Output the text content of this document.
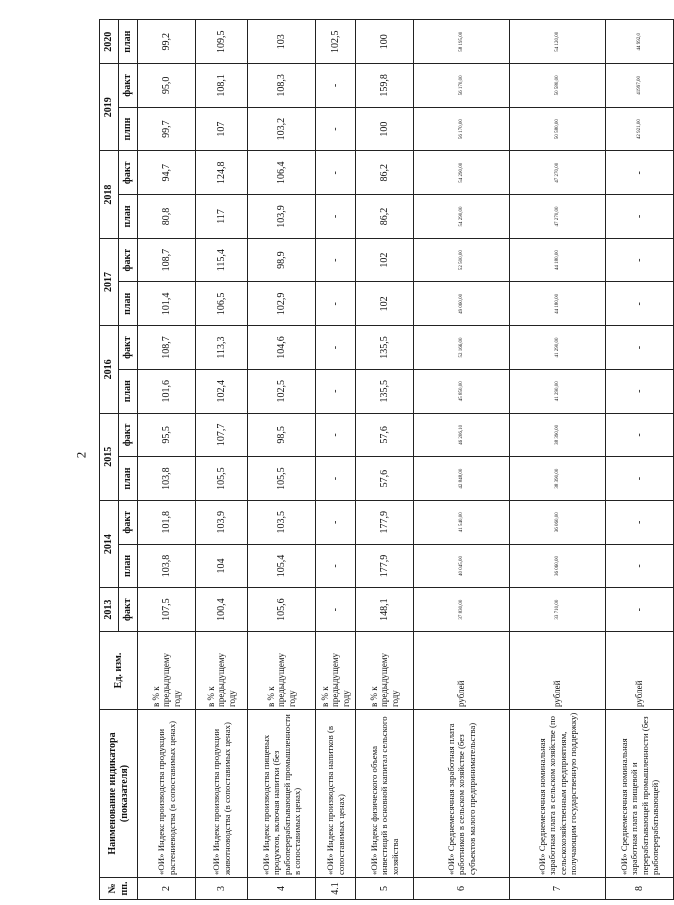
2
№ пп.	Наименование индикатора (показателя)	Ед. изм.	2013	2014		2015		2016		2017		2018		2019		2020
			факт	план	факт	план	факт	план	факт	план	факт	план	факт	плпн	факт	план
2	«ОИ» Индекс производства продукции растениеводства (в сопоставимых ценах)	в % к предыдущему году	107,5	103,8	101,8	103,8	95,5	101,6	108,7	101,4	108,7	80,8	94,7	99,7	95,0	99,2
3	«ОИ» Индекс производства продукции животноводства (в сопоставимых ценах)	в % к предыдущему году	100,4	104	103,9	105,5	107,7	102,4	113,3	106,5	115,4	117	124,8	107	108,1	109,5
4	«ОИ» Индекс производства пищевых продуктов, включая напитки (без рыбоперерабатывающей промышленности в сопоставимых ценах)	в % к предыдущему году	105,6	105,4	103,5	105,5	98,5	102,5	104,6	102,9	98,9	103,9	106,4	103,2	108,3	103
4.1	«ОИ» Индекс производства напитков (в сопоставимых ценах)	в % к предыдущему году	-	-	-	-	-	-	-	-	-	-	-	-	-	102,5
5	«ОИ» Индекс физического объема инвестиций в основной капитал сельского хозяйства	в % к предыдущему году	148,1	177,9	177,9	57,6	57,6	135,5	135,5	102	102	86,2	86,2	100	159,8	100
6	«ОИ» Среднемесячная заработная плата работников в сельском хозяйстве (без субъектов малого предпринимательства)	рублей	37 830,00	40 045,00	41 540,00	42 848,00	46 206,10	45 850,00	52 166,00	49 060,00	52 500,00	54 290,00	54 290,00	56 170,00	56 170,00	58 195,00
7	«ОИ» Среднемесячная номинальная заработная плата в сельском хозяйстве (по сельскохозяйственным предприятиям, получающим государственную поддержку)	рублей	33 710,00	36 060,00	36 060,00	38 390,00	38 390,00	41 290,00	41 290,00	44 180,00	44 180,00	47 270,00	47 270,00	50 580,00	50 580,00	54 120,00
8	«ОИ» Среднемесячная номинальная заработная плата в пищевой и перерабатывающей промышленности (без рыбоперерабатывающей)	рублей	-	-	-	-	-	-	-	-	-	-	-	42 921,00	41997,00	44 992,0
